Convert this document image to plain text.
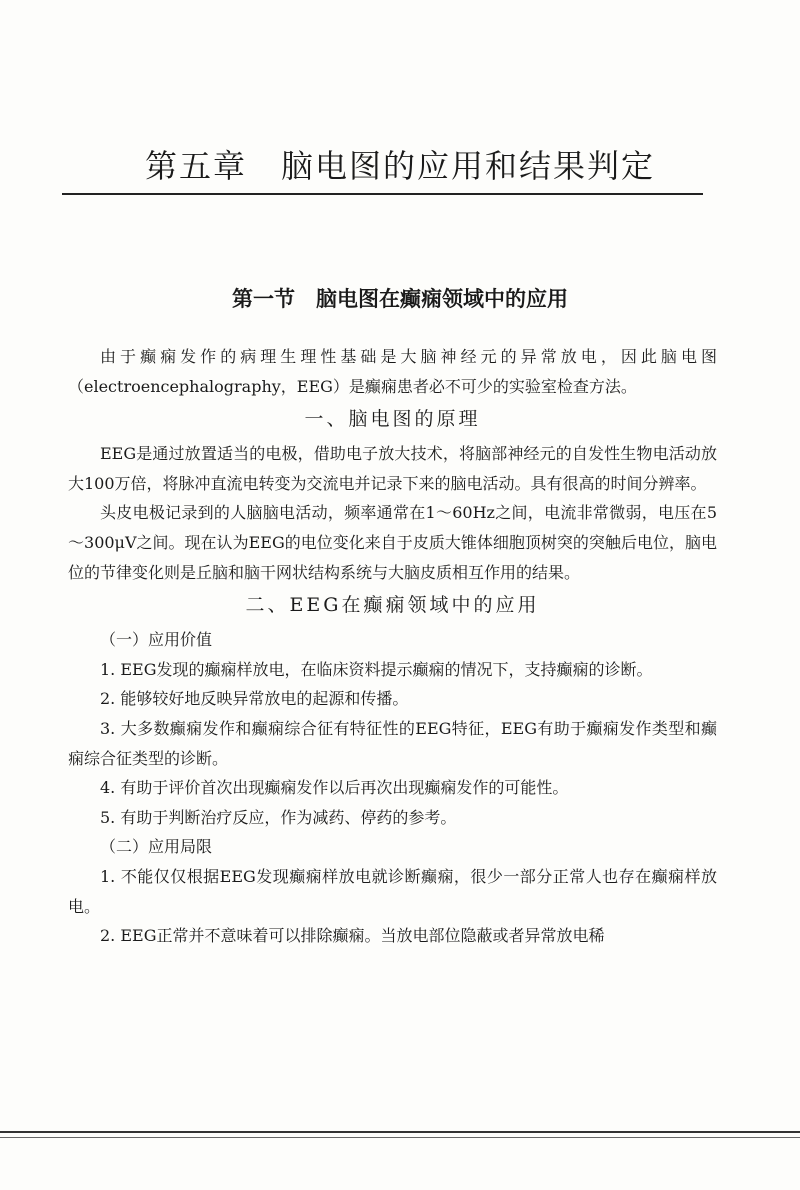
第五章　脑电图的应用和结果判定
第一节　脑电图在癫痫领域中的应用

由于癫痫发作的病理生理性基础是大脑神经元的异常放电，因此脑电图（electroencephalography，EEG）是癫痫患者必不可少的实验室检查方法。

一、脑电图的原理

EEG是通过放置适当的电极，借助电子放大技术，将脑部神经元的自发性生物电活动放大100万倍，将脉冲直流电转变为交流电并记录下来的脑电活动。具有很高的时间分辨率。

头皮电极记录到的人脑脑电活动，频率通常在1～60Hz之间，电流非常微弱，电压在5～300μV之间。现在认为EEG的电位变化来自于皮质大锥体细胞顶树突的突触后电位，脑电位的节律变化则是丘脑和脑干网状结构系统与大脑皮质相互作用的结果。

二、EEG在癫痫领域中的应用
（一）应用价值

1. EEG发现的癫痫样放电，在临床资料提示癫痫的情况下，支持癫痫的诊断。

2. 能够较好地反映异常放电的起源和传播。

3. 大多数癫痫发作和癫痫综合征有特征性的EEG特征，EEG有助于癫痫发作类型和癫痫综合征类型的诊断。

4. 有助于评价首次出现癫痫发作以后再次出现癫痫发作的可能性。

5. 有助于判断治疗反应，作为减药、停药的参考。

（二）应用局限

1. 不能仅仅根据EEG发现癫痫样放电就诊断癫痫，很少一部分正常人也存在癫痫样放电。

2. EEG正常并不意味着可以排除癫痫。当放电部位隐蔽或者异常放电稀
